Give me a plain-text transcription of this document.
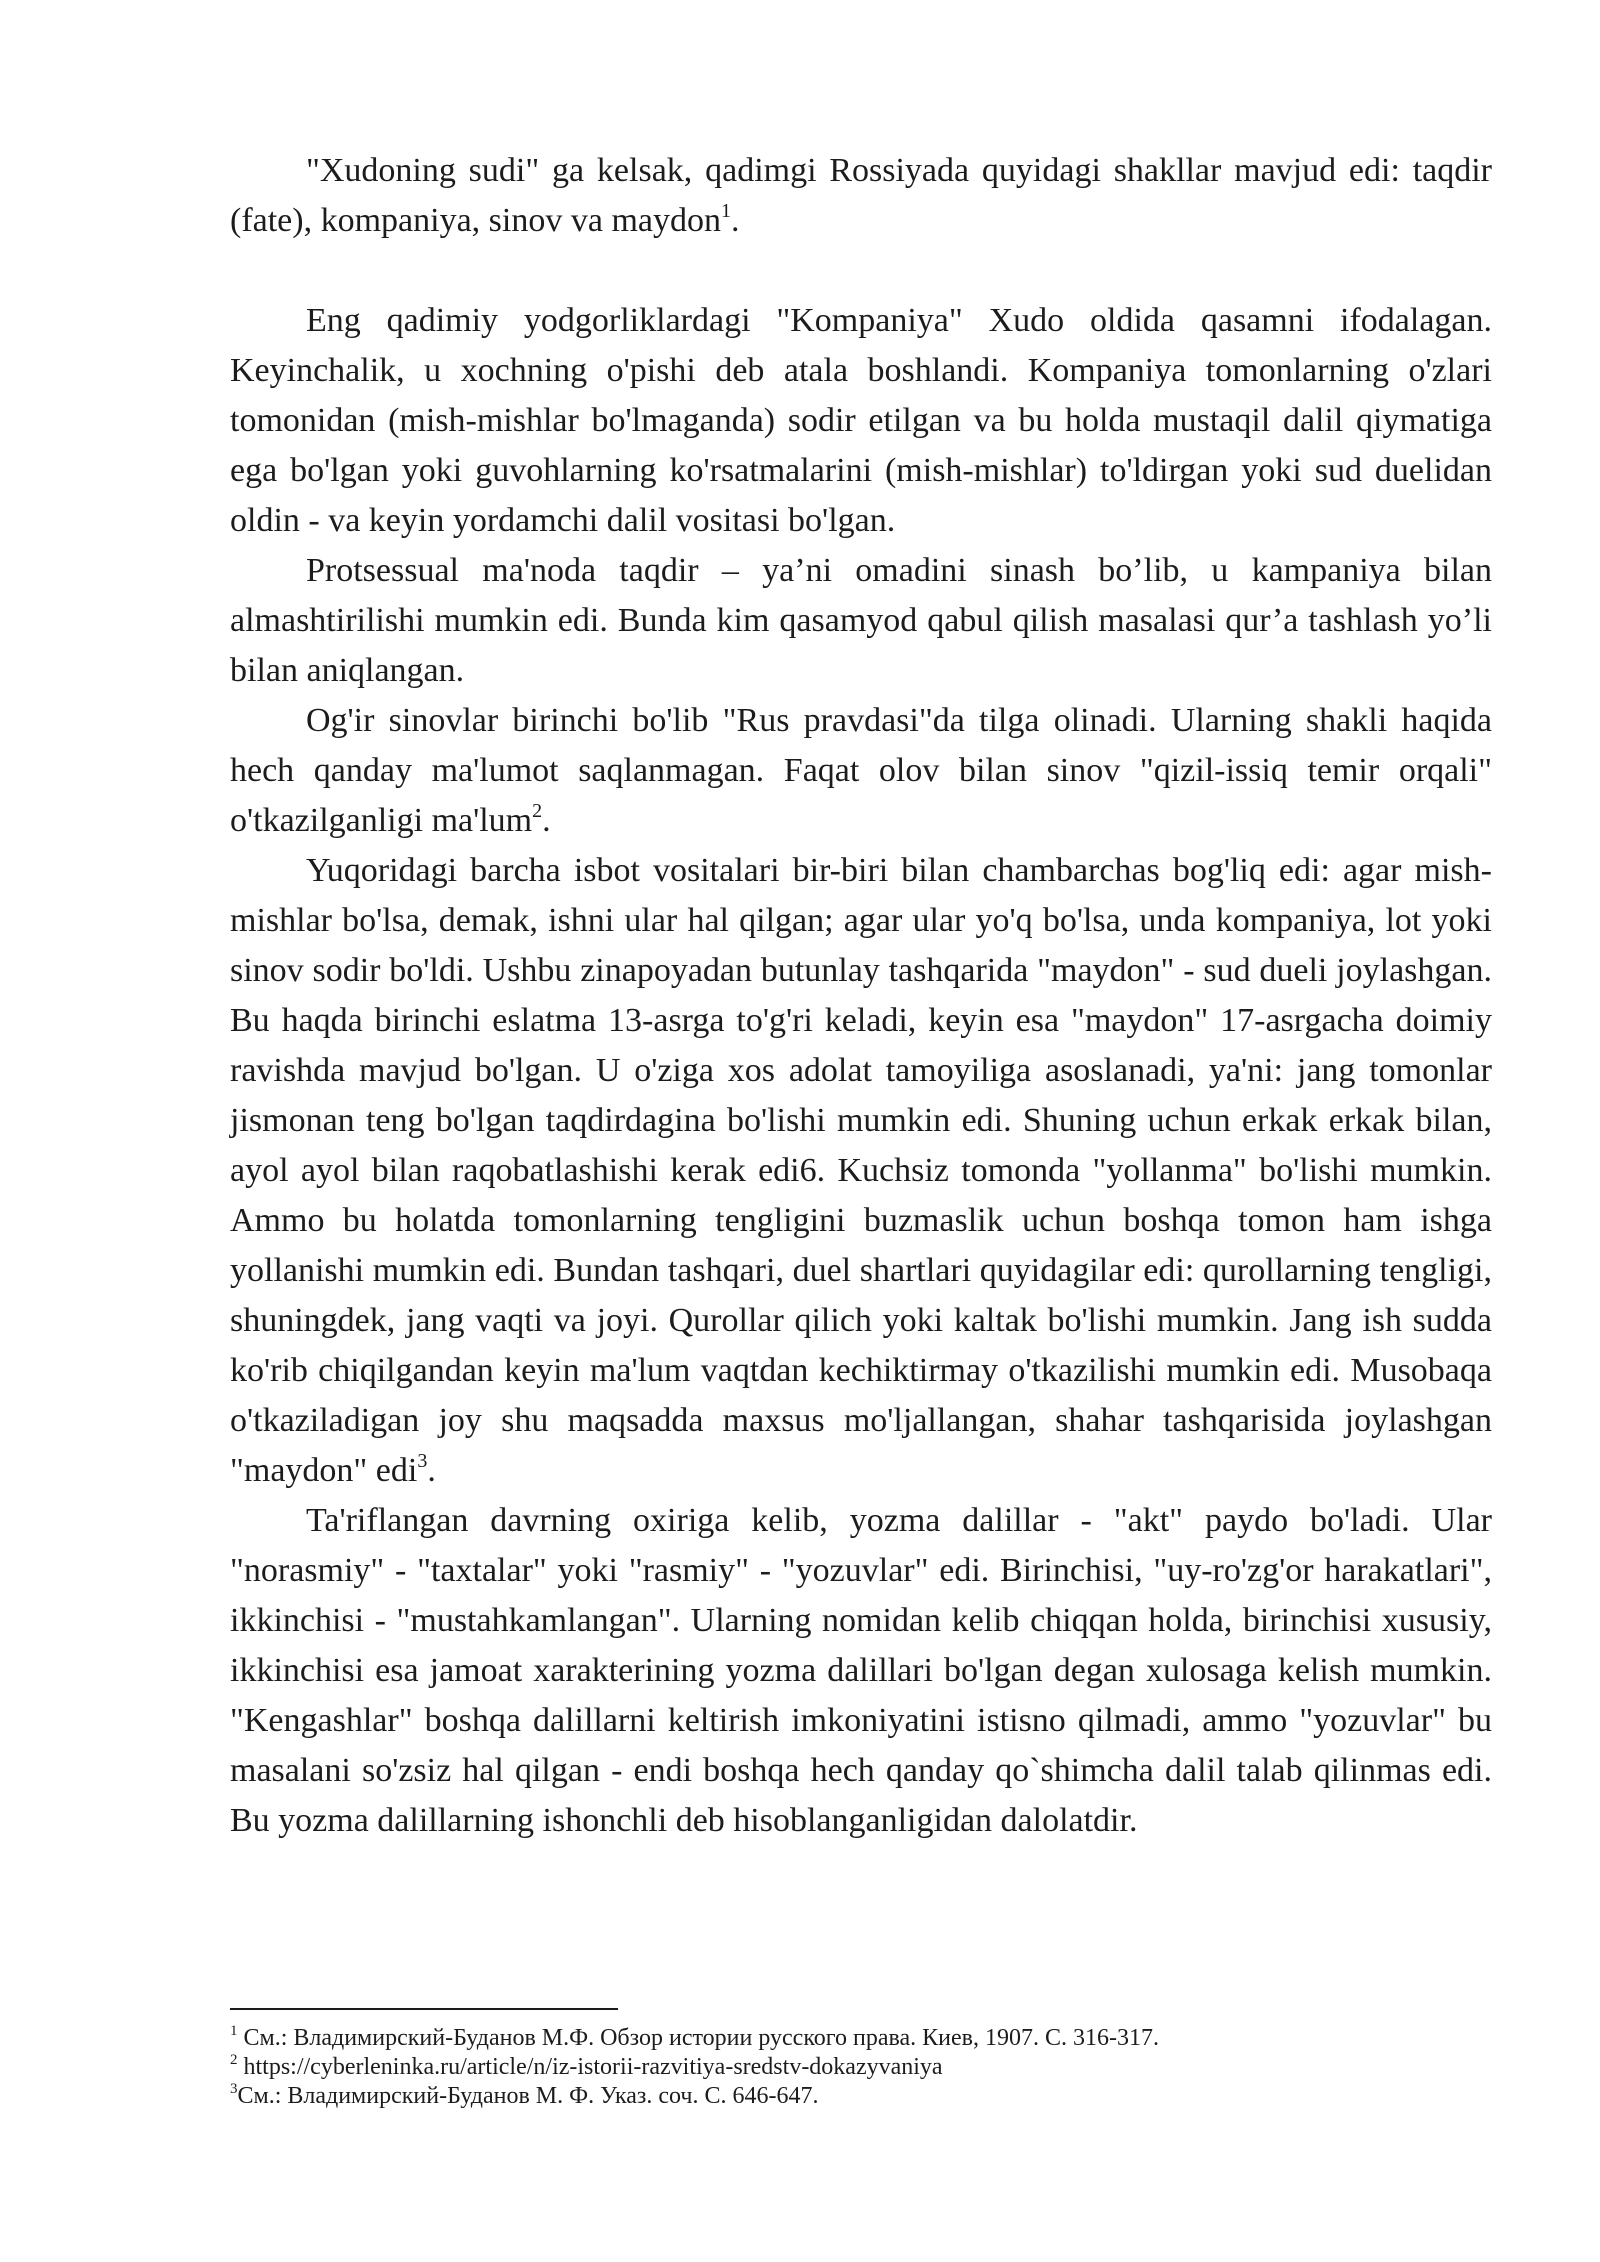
"Xudoning sudi" ga kelsak, qadimgi Rossiyada quyidagi shakllar mavjud edi: taqdir (fate), kompaniya, sinov va maydon$^1$.

Eng qadimiy yodgorliklardagi "Kompaniya" Xudo oldida qasamni ifodalagan. Keyinchalik, u xochning o'pishi deb atala boshlandi. Kompaniya tomonlarning o'zlari tomonidan (mish-mishlar bo'lmaganda) sodir etilgan va bu holda mustaqil dalil qiymatiga ega bo'lgan yoki guvohlarning ko'rsatmalarini (mish-mishlar) to'ldirgan yoki sud duelidan oldin - va keyin yordamchi dalil vositasi bo'lgan.

Protsessual ma'noda taqdir – ya’ni omadini sinash bo’lib, u kampaniya bilan almashtirilishi mumkin edi. Bunda kim qasamyod qabul qilish masalasi qur’a tashlash yo’li bilan aniqlangan.

Og'ir sinovlar birinchi bo'lib "Rus pravdasi"da tilga olinadi. Ularning shakli haqida hech qanday ma'lumot saqlanmagan. Faqat olov bilan sinov "qizil-issiq temir orqali" o'tkazilganligi ma'lum$^2$.

Yuqoridagi barcha isbot vositalari bir-biri bilan chambarchas bog'liq edi: agar mish-mishlar bo'lsa, demak, ishni ular hal qilgan; agar ular yo'q bo'lsa, unda kompaniya, lot yoki sinov sodir bo'ldi. Ushbu zinapoyadan butunlay tashqarida "maydon" - sud dueli joylashgan. Bu haqda birinchi eslatma 13-asrga to'g'ri keladi, keyin esa "maydon" 17-asrgacha doimiy ravishda mavjud bo'lgan. U o'ziga xos adolat tamoyiliga asoslanadi, ya'ni: jang tomonlar jismonan teng bo'lgan taqdirdagina bo'lishi mumkin edi. Shuning uchun erkak erkak bilan, ayol ayol bilan raqobatlashishi kerak edi6. Kuchsiz tomonda "yollanma" bo'lishi mumkin. Ammo bu holatda tomonlarning tengligini buzmaslik uchun boshqa tomon ham ishga yollanishi mumkin edi. Bundan tashqari, duel shartlari quyidagilar edi: qurollarning tengligi, shuningdek, jang vaqti va joyi. Qurollar qilich yoki kaltak bo'lishi mumkin. Jang ish sudda ko'rib chiqilgandan keyin ma'lum vaqtdan kechiktirmay o'tkazilishi mumkin edi. Musobaqa o'tkaziladigan joy shu maqsadda maxsus mo'ljallangan, shahar tashqarisida joylashgan "maydon" edi$^3$.

Ta'riflangan davrning oxiriga kelib, yozma dalillar - "akt" paydo bo'ladi. Ular "norasmiy" - "taxtalar" yoki "rasmiy" - "yozuvlar" edi. Birinchisi, "uy-ro'zg'or harakatlari", ikkinchisi - "mustahkamlangan". Ularning nomidan kelib chiqqan holda, birinchisi xususiy, ikkinchisi esa jamoat xarakterining yozma dalillari bo'lgan degan xulosaga kelish mumkin. "Kengashlar" boshqa dalillarni keltirish imkoniyatini istisno qilmadi, ammo "yozuvlar" bu masalani so'zsiz hal qilgan - endi boshqa hech qanday qo`shimcha dalil talab qilinmas edi. Bu yozma dalillarning ishonchli deb hisoblanganligidan dalolatdir.

$^1$ См.: Владимирский-Буданов М.Ф. Обзор истории русского права. Киев, 1907. С. 316-317.

$^2$ https://cyberleninka.ru/article/n/iz-istorii-razvitiya-sredstv-dokazyvaniya

$^3$См.: Владимирский-Буданов М. Ф. Указ. соч. С. 646-647.
